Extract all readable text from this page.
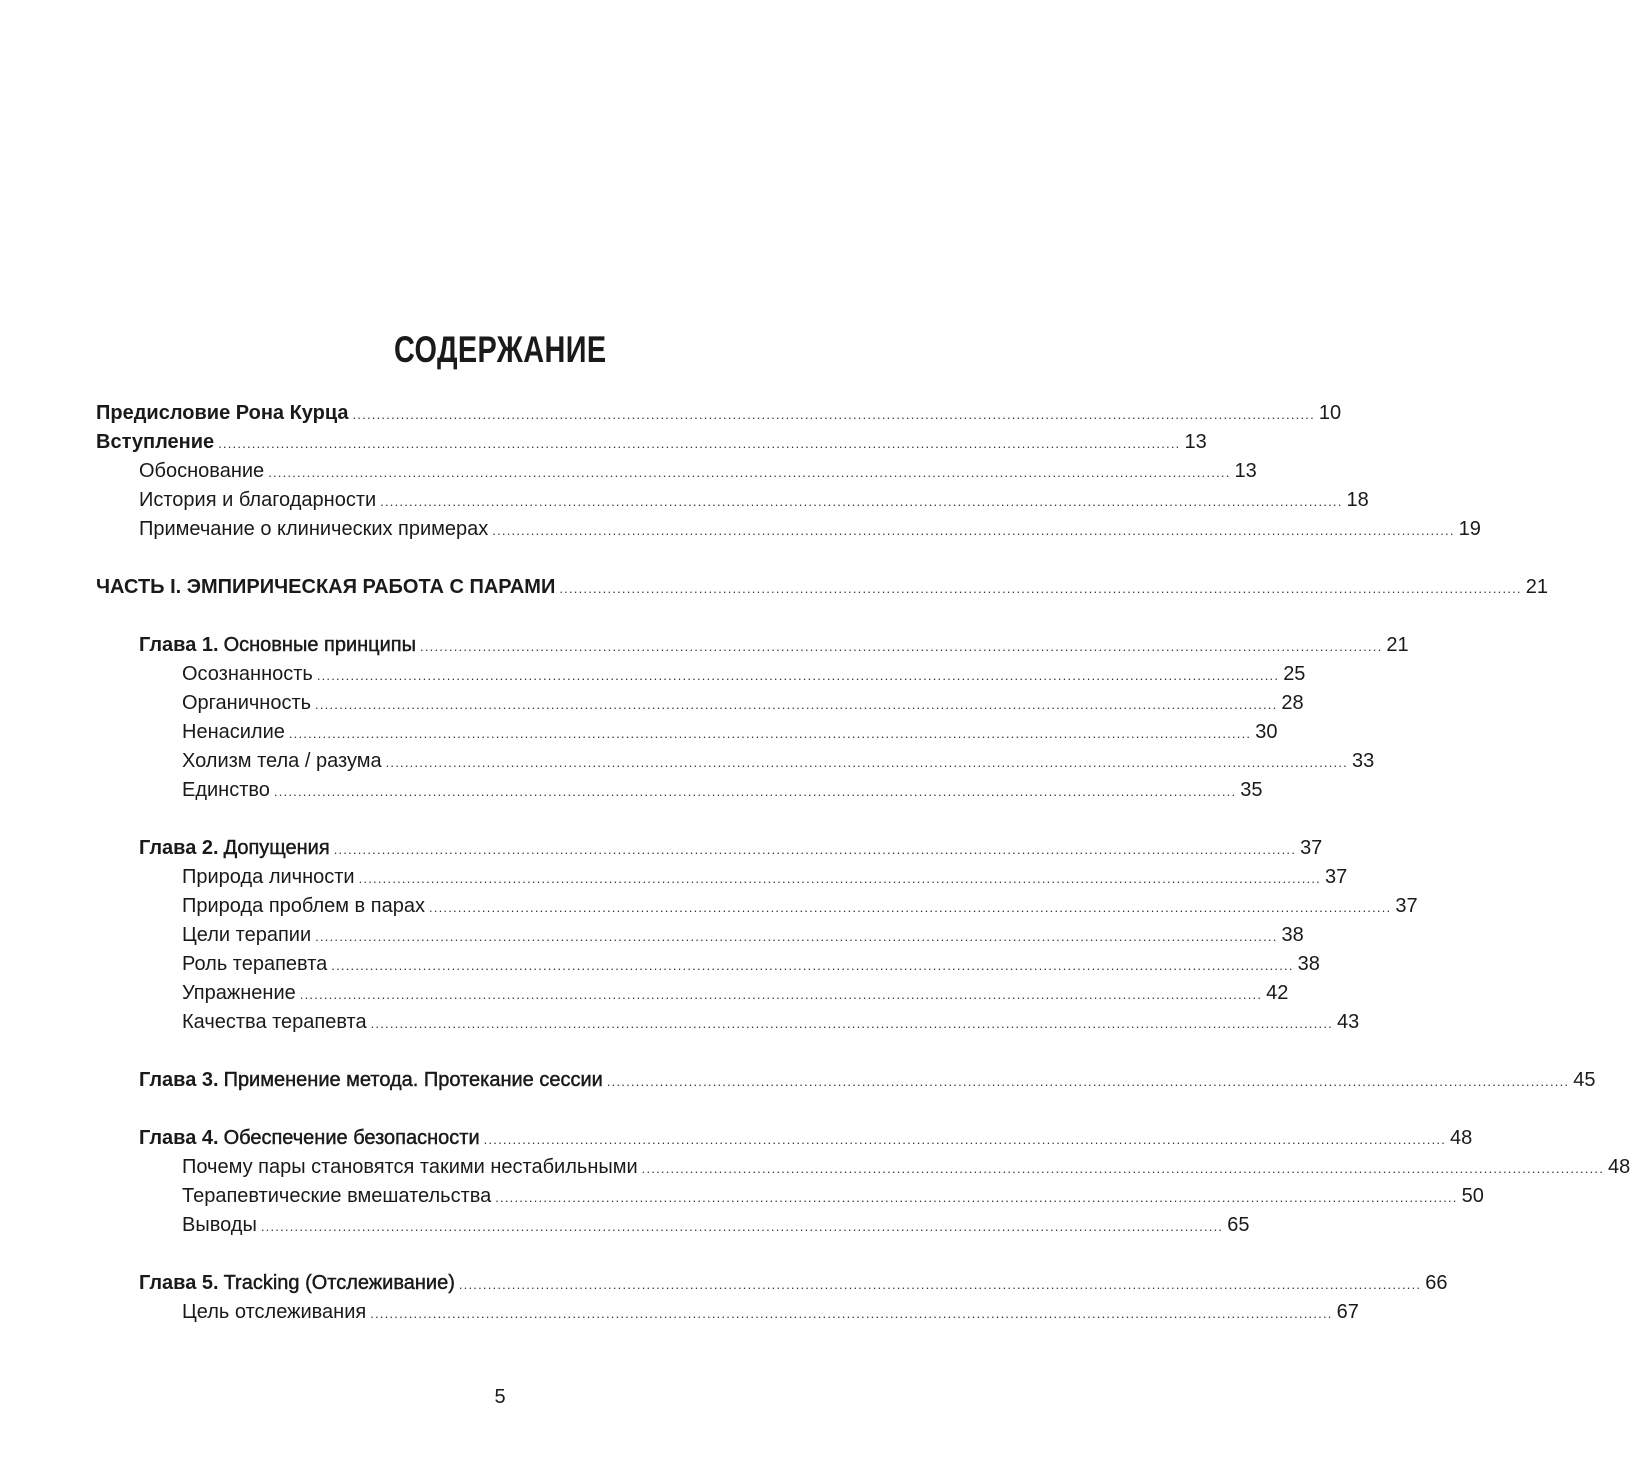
СОДЕРЖАНИЕ
Предисловие Рона Курца ........................................................................................................................................................................................................ 10
Вступление ........................................................................................................................................................................................................ 13
Обоснование ........................................................................................................................................................................................................ 13
История и благодарности ........................................................................................................................................................................................................ 18
Примечание о клинических примерах ........................................................................................................................................................................................................ 19
ЧАСТЬ I. ЭМПИРИЧЕСКАЯ РАБОТА С ПАРАМИ ........................................................................................................................................................................................................ 21
Глава 1. Основные принципы ........................................................................................................................................................................................................ 21
Осознанность ........................................................................................................................................................................................................ 25
Органичность ........................................................................................................................................................................................................ 28
Ненасилие ........................................................................................................................................................................................................ 30
Холизм тела / разума ........................................................................................................................................................................................................ 33
Единство ........................................................................................................................................................................................................ 35
Глава 2. Допущения ........................................................................................................................................................................................................ 37
Природа личности ........................................................................................................................................................................................................ 37
Природа проблем в парах ........................................................................................................................................................................................................ 37
Цели терапии ........................................................................................................................................................................................................ 38
Роль терапевта ........................................................................................................................................................................................................ 38
Упражнение ........................................................................................................................................................................................................ 42
Качества терапевта ........................................................................................................................................................................................................ 43
Глава 3. Применение метода. Протекание сессии ........................................................................................................................................................................................................ 45
Глава 4. Обеспечение безопасности ........................................................................................................................................................................................................ 48
Почему пары становятся такими нестабильными ........................................................................................................................................................................................................ 48
Терапевтические вмешательства ........................................................................................................................................................................................................ 50
Выводы ........................................................................................................................................................................................................ 65
Глава 5. Tracking (Отслеживание) ........................................................................................................................................................................................................ 66
Цель отслеживания ........................................................................................................................................................................................................ 67
5
